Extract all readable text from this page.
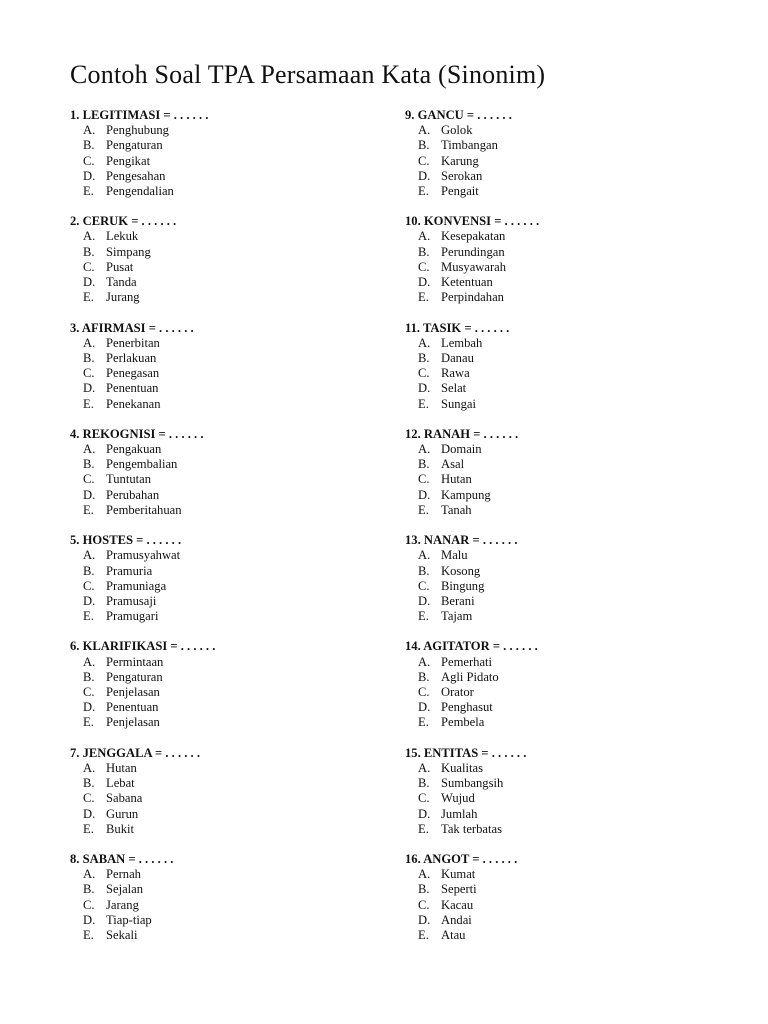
Contoh Soal TPA Persamaan Kata (Sinonim)
1. LEGITIMASI = . . . . . .
A. Penghubung
B. Pengaturan
C. Pengikat
D. Pengesahan
E. Pengendalian
2. CERUK = . . . . . .
A. Lekuk
B. Simpang
C. Pusat
D. Tanda
E. Jurang
3. AFIRMASI = . . . . . .
A. Penerbitan
B. Perlakuan
C. Penegasan
D. Penentuan
E. Penekanan
4. REKOGNISI = . . . . . .
A. Pengakuan
B. Pengembalian
C. Tuntutan
D. Perubahan
E. Pemberitahuan
5. HOSTES = . . . . . .
A. Pramusyahwat
B. Pramuria
C. Pramuniaga
D. Pramusaji
E. Pramugari
6. KLARIFIKASI = . . . . . .
A. Permintaan
B. Pengaturan
C. Penjelasan
D. Penentuan
E. Penjelasan
7. JENGGALA = . . . . . .
A. Hutan
B. Lebat
C. Sabana
D. Gurun
E. Bukit
8. SABAN = . . . . . .
A. Pernah
B. Sejalan
C. Jarang
D. Tiap-tiap
E. Sekali
9. GANCU = . . . . . .
A. Golok
B. Timbangan
C. Karung
D. Serokan
E. Pengait
10. KONVENSI = . . . . . .
A. Kesepakatan
B. Perundingan
C. Musyawarah
D. Ketentuan
E. Perpindahan
11. TASIK = . . . . . .
A. Lembah
B. Danau
C. Rawa
D. Selat
E. Sungai
12. RANAH = . . . . . .
A. Domain
B. Asal
C. Hutan
D. Kampung
E. Tanah
13. NANAR = . . . . . .
A. Malu
B. Kosong
C. Bingung
D. Berani
E. Tajam
14. AGITATOR = . . . . . .
A. Pemerhati
B. Agli Pidato
C. Orator
D. Penghasut
E. Pembela
15. ENTITAS = . . . . . .
A. Kualitas
B. Sumbangsih
C. Wujud
D. Jumlah
E. Tak terbatas
16. ANGOT = . . . . . .
A. Kumat
B. Seperti
C. Kacau
D. Andai
E. Atau
